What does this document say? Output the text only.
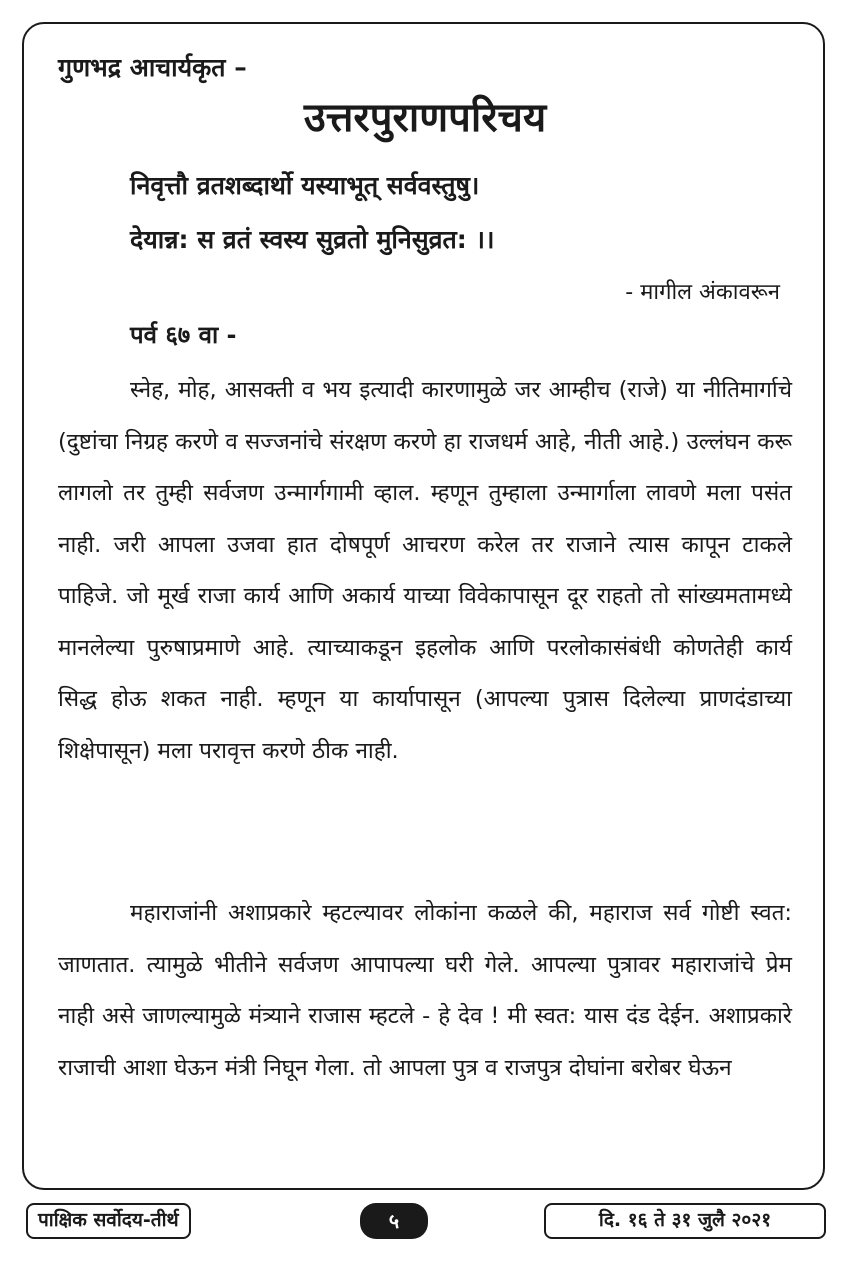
गुणभद्र आचार्यकृत –
उत्तरपुराणपरिचय
निवृत्तौ व्रतशब्दार्थो यस्याभूत् सर्ववस्तुषु।
देयान्न: स व्रतं स्वस्य सुव्रतो मुनिसुव्रत: ।।
- मागील अंकावरून
पर्व ६७ वा -

स्नेह, मोह, आसक्ती व भय इत्यादी कारणामुळे जर आम्हीच (राजे) या नीतिमार्गाचे (दुष्टांचा निग्रह करणे व सज्जनांचे संरक्षण करणे हा राजधर्म आहे, नीती आहे.) उल्लंघन करू लागलो तर तुम्ही सर्वजण उन्मार्गगामी व्हाल. म्हणून तुम्हाला उन्मार्गाला लावणे मला पसंत नाही. जरी आपला उजवा हात दोषपूर्ण आचरण करेल तर राजाने त्यास कापून टाकले पाहिजे. जो मूर्ख राजा कार्य आणि अकार्य याच्या विवेकापासून दूर राहतो तो सांख्यमतामध्ये मानलेल्या पुरुषाप्रमाणे आहे. त्याच्याकडून इहलोक आणि परलोकासंबंधी कोणतेही कार्य सिद्ध होऊ शकत नाही. म्हणून या कार्यापासून (आपल्या पुत्रास दिलेल्या प्राणदंडाच्या शिक्षेपासून) मला परावृत्त करणे ठीक नाही.

महाराजांनी अशाप्रकारे म्हटल्यावर लोकांना कळले की, महाराज सर्व गोष्टी स्वत: जाणतात. त्यामुळे भीतीने सर्वजण आपापल्या घरी गेले. आपल्या पुत्रावर महाराजांचे प्रेम नाही असे जाणल्यामुळे मंत्र्याने राजास म्हटले - हे देव ! मी स्वत: यास दंड देईन. अशाप्रकारे राजाची आशा घेऊन मंत्री निघून गेला. तो आपला पुत्र व राजपुत्र दोघांना बरोबर घेऊन

पाक्षिक सर्वोदय-तीर्थ	५	दि. १६ ते ३१ जुलै २०२१
